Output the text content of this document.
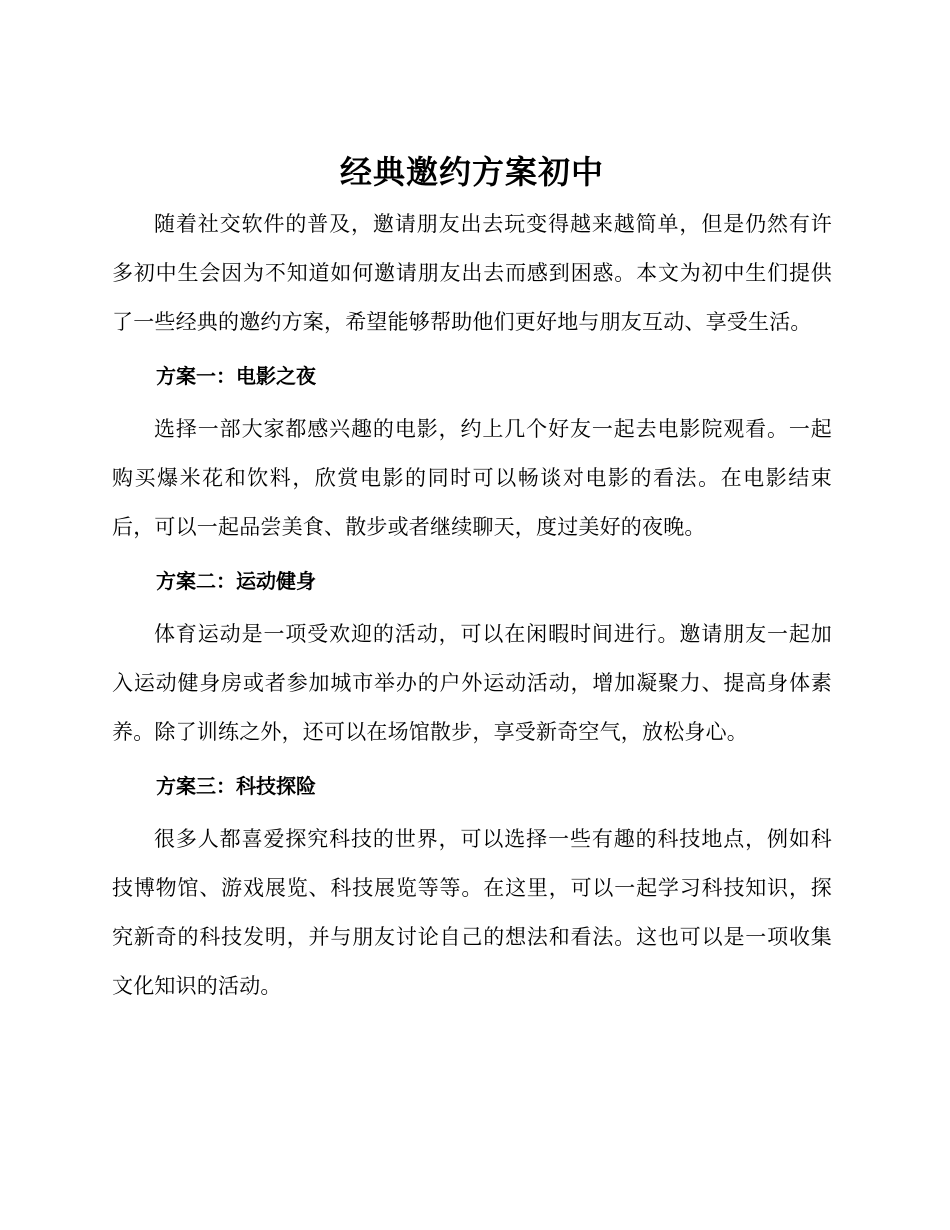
经典邀约方案初中

随着社交软件的普及，邀请朋友出去玩变得越来越简单，但是仍然有许多初中生会因为不知道如何邀请朋友出去而感到困惑。本文为初中生们提供了一些经典的邀约方案，希望能够帮助他们更好地与朋友互动、享受生活。

方案一：电影之夜

选择一部大家都感兴趣的电影，约上几个好友一起去电影院观看。一起购买爆米花和饮料，欣赏电影的同时可以畅谈对电影的看法。在电影结束后，可以一起品尝美食、散步或者继续聊天，度过美好的夜晚。

方案二：运动健身

体育运动是一项受欢迎的活动，可以在闲暇时间进行。邀请朋友一起加入运动健身房或者参加城市举办的户外运动活动，增加凝聚力、提高身体素养。除了训练之外，还可以在场馆散步，享受新奇空气，放松身心。

方案三：科技探险

很多人都喜爱探究科技的世界，可以选择一些有趣的科技地点，例如科技博物馆、游戏展览、科技展览等等。在这里，可以一起学习科技知识，探究新奇的科技发明，并与朋友讨论自己的想法和看法。这也可以是一项收集文化知识的活动。
